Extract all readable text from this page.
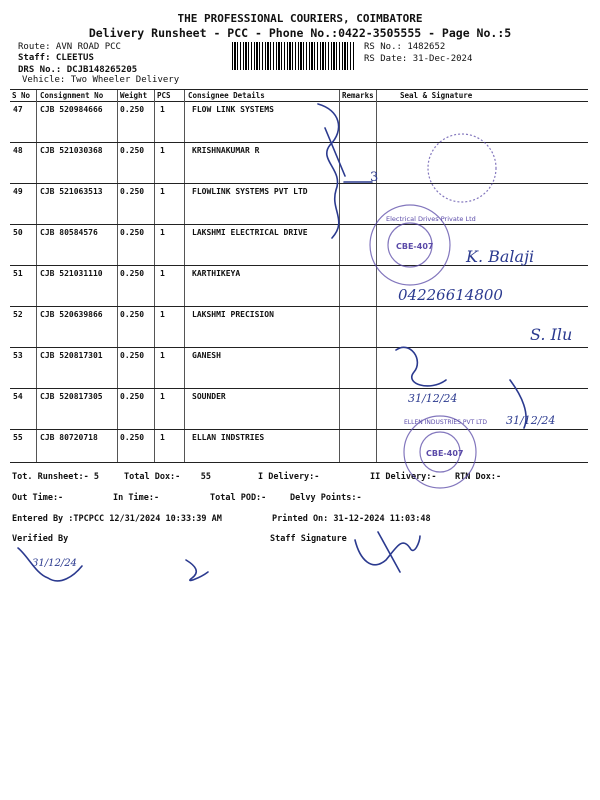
THE PROFESSIONAL COURIERS, COIMBATORE
Delivery Runsheet - PCC - Phone No.:0422-3505555 - Page No.:5
Route: AVN ROAD PCC
Staff: CLEETUS
DRS No.: DCJB148265205
Vehicle: Two Wheeler Delivery
RS No.: 1482652
RS Date: 31-Dec-2024
S No Consignment No Weight PCS Consignee Details	Remarks	Seal & Signature
47 CJB 520984666 0.250 1	FLOW LINK SYSTEMS
48 CJB 521030368 0.250 1	KRISHNAKUMAR R
49 CJB 521063513 0.250 1	FLOWLINK SYSTEMS PVT LTD
50 CJB 80584576	0.250 1	LAKSHMI ELECTRICAL DRIVE
51 CJB 521031110 0.250 1	KARTHIKEYA
52 CJB 520639866 0.250 1	LAKSHMI PRECISION
53 CJB 520817301 0.250 1	GANESH
54 CJB 520817305 0.250 1	SOUNDER
55 CJB 80720718	0.250 1	ELLAN INDSTRIES
Tot. Runsheet:- 5	Total Dox:-    55	I Delivery:-	II Delivery:- RTN Dox:-
Out Time:-	In Time:-	Total POD:-	Delvy Points:-
Entered By :TPCPCC 12/31/2024 10:33:39 AM	Printed On: 31-12-2024 11:03:48
Verified By	Staff Signature
3
Electrical Drives Private Ltd
CBE-407
ELLEN INDUSTRIES PVT LTD
CBE-407
K. Balaji
04226614800
S. Ilu
31/12/24
31/12/24
31/12/24
